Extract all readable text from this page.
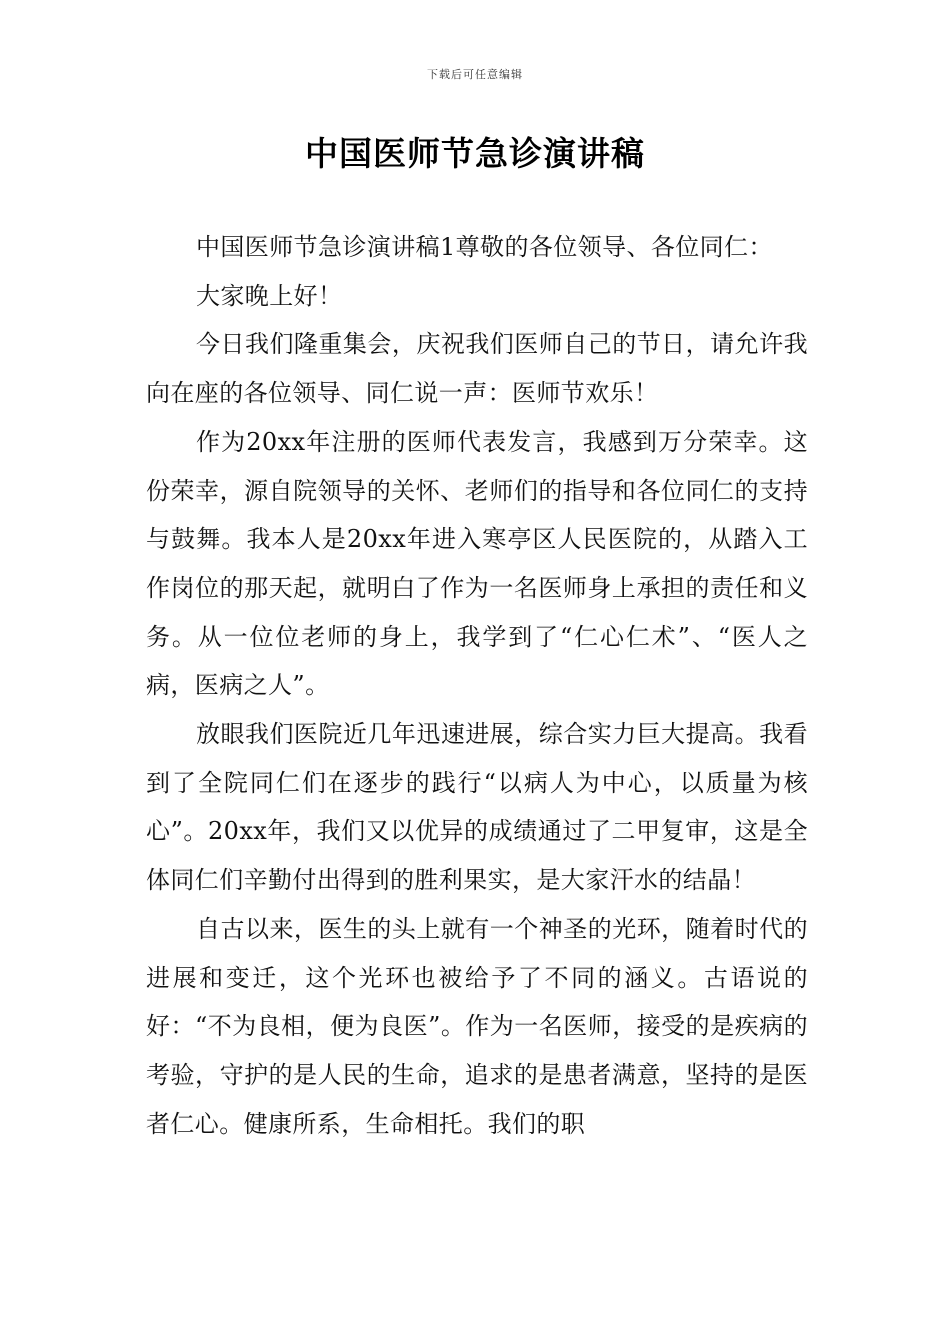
下载后可任意编辑
中国医师节急诊演讲稿

中国医师节急诊演讲稿1尊敬的各位领导、各位同仁：

大家晚上好！

今日我们隆重集会，庆祝我们医师自己的节日，请允许我向在座的各位领导、同仁说一声：医师节欢乐！

作为20xx年注册的医师代表发言，我感到万分荣幸。这份荣幸，源自院领导的关怀、老师们的指导和各位同仁的支持与鼓舞。我本人是20xx年进入寒亭区人民医院的，从踏入工作岗位的那天起，就明白了作为一名医师身上承担的责任和义务。从一位位老师的身上，我学到了“仁心仁术”、“医人之病，医病之人”。

放眼我们医院近几年迅速进展，综合实力巨大提高。我看到了全院同仁们在逐步的践行“以病人为中心，以质量为核心”。20xx年，我们又以优异的成绩通过了二甲复审，这是全体同仁们辛勤付出得到的胜利果实，是大家汗水的结晶！

自古以来，医生的头上就有一个神圣的光环，随着时代的进展和变迁，这个光环也被给予了不同的涵义。古语说的好：“不为良相，便为良医”。作为一名医师，接受的是疾病的考验，守护的是人民的生命，追求的是患者满意，坚持的是医者仁心。健康所系，生命相托。我们的职
